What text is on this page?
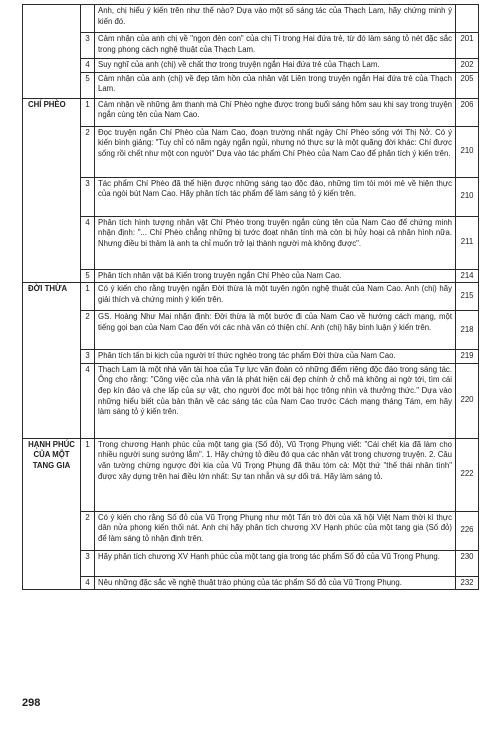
		Anh, chị hiểu ý kiến trên như thế nào? Dựa vào một số sáng tác của Thạch Lam, hãy chứng minh ý kiến đó.	
	3	Cảm nhận của anh chị về "ngọn đèn con" của chị Tí trong Hai đứa trẻ, từ đó làm sáng tỏ nét đặc sắc trong phong cách nghệ thuật của Thạch Lam.	201
	4	Suy nghĩ của anh (chị) về chất thơ trong truyện ngắn Hai đứa trẻ của Thạch Lam.	202
	5	Cảm nhận của anh (chị) về đẹp tâm hồn của nhân vật Liên trong truyện ngắn Hai đứa trẻ của Thạch Lam.	205
CHÍ PHÈO	1	Cảm nhận về những âm thanh mà Chí Phèo nghe được trong buổi sáng hôm sau khi say trong truyện ngắn cùng tên của Nam Cao.	206
	2	Đọc truyện ngắn Chí Phèo của Nam Cao, đoạn trường nhất ngày Chí Phèo sống với Thị Nở. Có ý kiến bình giảng: "Tuy chỉ có năm ngày ngắn ngủi, nhưng nó thực sự là một quãng đời khác: Chí được sống rồi chết như một con người" Dựa vào tác phẩm Chí Phèo của Nam Cao để phân tích ý kiến trên.	210
	3	Tác phẩm Chí Phèo đã thể hiện được những sáng tạo độc đáo, những tìm tòi mới mẻ về hiện thực của ngòi bút Nam Cao. Hãy phân tích tác phẩm để làm sáng tỏ ý kiến trên.	210
	4	Phân tích hình tượng nhân vật Chí Phèo trong truyện ngắn cùng tên của Nam Cao để chứng minh nhận định: "... Chí Phèo chẳng những bị tước đoạt nhân tính mà còn bị hủy hoại cả nhân hình nữa. Nhưng điều bi thảm là anh ta chỉ muốn trở lại thành người mà không được".	211
	5	Phân tích nhân vật bá Kiến trong truyện ngắn Chí Phèo của Nam Cao.	214
ĐỜI THỪA	1	Có ý kiến cho rằng truyện ngắn Đời thừa là một tuyên ngôn nghệ thuật của Nam Cao. Anh (chị) hãy giải thích và chứng minh ý kiến trên.	215
	2	GS. Hoàng Như Mai nhận định: Đời thừa là một bước đi của Nam Cao về hướng cách mạng, một tiếng gọi bạn của Nam Cao đến với các nhà văn có thiện chí. Anh (chị) hãy bình luận ý kiến trên.	218
	3	Phân tích tấn bi kịch của người trí thức nghèo trong tác phẩm Đời thừa của Nam Cao.	219
	4	Thạch Lam là một nhà văn tài hoa của Tự lực văn đoàn có những điểm riêng độc đáo trong sáng tác. Ông cho rằng: "Công việc của nhà văn là phát hiện cái đẹp chính ở chỗ mà không ai ngờ tới, tìm cái đẹp kín đáo và che lấp của sự vật, cho người đọc một bài học trông nhìn và thưởng thức." Dựa vào những hiểu biết của bản thân về các sáng tác của Nam Cao trước Cách mạng tháng Tám, em hãy làm sáng tỏ ý kiến trên.	220
HẠNH PHÚC CỦA MỘT TANG GIA	1	Trong chương Hạnh phúc của một tang gia (Số đỏ), Vũ Trọng Phụng viết: "Cái chết kia đã làm cho nhiều người sung sướng lắm". 1. Hãy chứng tỏ điều đó qua các nhân vật trong chương truyện. 2. Câu văn tường chừng ngược đời kia của Vũ Trọng Phụng đã thâu tóm cả: Một thứ "thế thái nhân tình" được xây dựng trên hai điều lớn nhất: Sự tan nhẫn và sự dối trá. Hãy làm sáng tỏ.	222
	2	Có ý kiến cho rằng Số đỏ của Vũ Trọng Phụng như một Tấn trò đời của xã hội Việt Nam thời kì thực dân nửa phong kiến thối nát. Anh chị hãy phân tích chương XV Hạnh phúc của một tang gia (Số đỏ) để làm sáng tỏ nhận định trên.	226
	3	Hãy phân tích chương XV Hạnh phúc của một tang gia trong tác phẩm Số đỏ của Vũ Trọng Phụng.	230
	4	Nêu những đặc sắc về nghệ thuật trào phúng của tác phẩm Số đỏ của Vũ Trọng Phụng.	232
298
